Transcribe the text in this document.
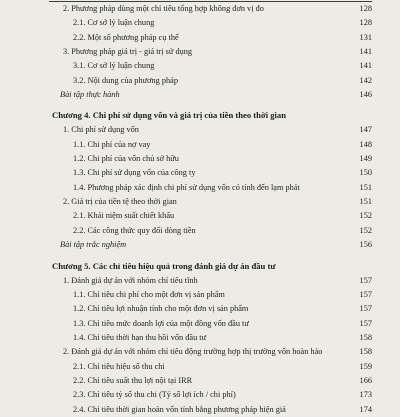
2. Phương pháp dùng một chỉ tiêu tổng hợp không đơn vị đo	128
2.1. Cơ sở lý luận chung	128
2.2. Một số phương pháp cụ thể	131
3. Phương pháp giá trị - giá trị sử dụng	141
3.1. Cơ sở lý luận chung	141
3.2. Nội dung của phương pháp	142
Bài tập thực hành	146
Chương 4. Chi phí sử dụng vốn và giá trị của tiền theo thời gian
1. Chi phí sử dụng vốn	147
1.1. Chi phí của nợ vay	148
1.2. Chi phí của vốn chủ sở hữu	149
1.3. Chi phí sử dụng vốn của công ty	150
1.4. Phương pháp xác định chi phí sử dụng vốn có tính đến lạm phát	151
2. Giá trị của tiền tệ theo thời gian	151
2.1. Khái niệm suất chiết khấu	152
2.2. Các công thức quy đổi dòng tiền	152
Bài tập trắc nghiệm	156
Chương 5. Các chỉ tiêu hiệu quả trong đánh giá dự án đầu tư
1. Đánh giá dự án với nhóm chỉ tiêu tĩnh	157
1.1. Chỉ tiêu chi phí cho một đơn vị sản phẩm	157
1.2. Chỉ tiêu lợi nhuận tính cho một đơn vị sản phẩm	157
1.3. Chỉ tiêu mức doanh lợi của một đồng vốn đầu tư	157
1.4. Chỉ tiêu thời hạn thu hồi vốn đầu tư	158
2. Đánh giá dự án với nhóm chỉ tiêu động trường hợp thị trường vốn hoàn hảo	158
2.1. Chỉ tiêu hiệu số thu chi	159
2.2. Chỉ tiêu suất thu lợi nội tại IRR	166
2.3. Chỉ tiêu tỷ số thu chi (Tỷ số lợi ích / chi phí)	173
2.4. Chỉ tiêu thời gian hoàn vốn tính bằng phương pháp hiện giá	174
